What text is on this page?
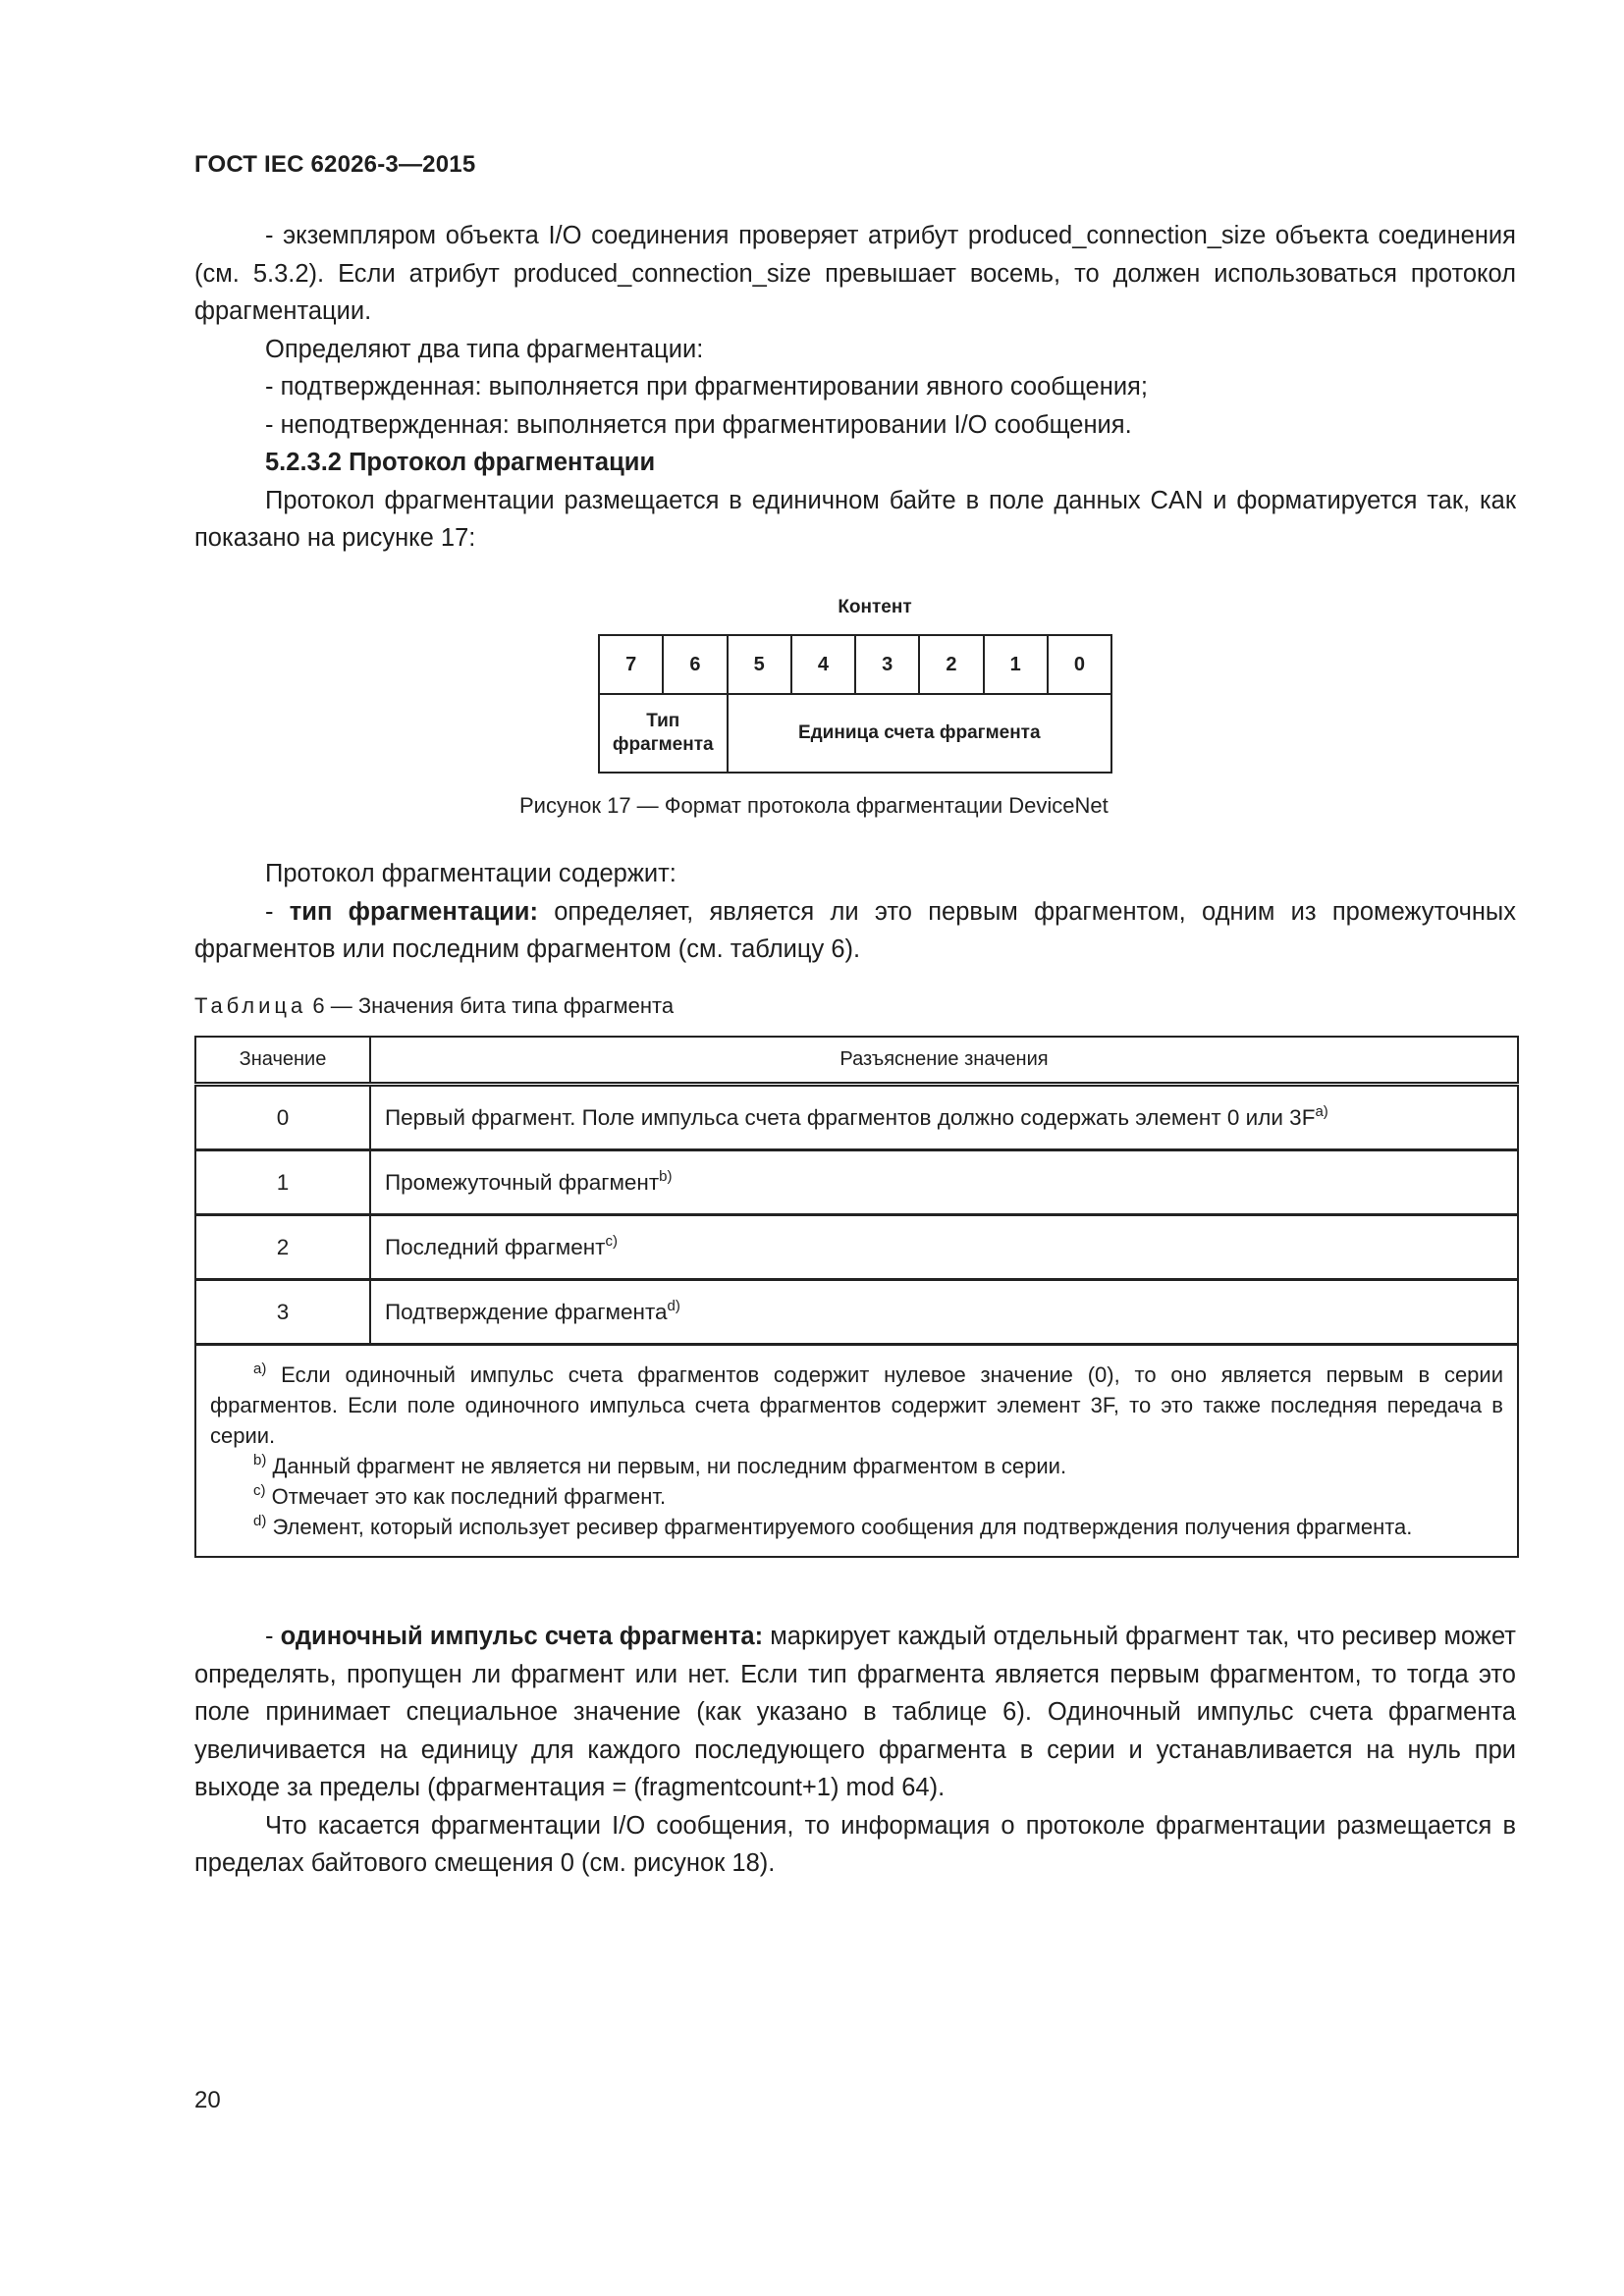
ГОСТ IEC 62026-3—2015

- экземпляром объекта I/O соединения проверяет атрибут produced_connection_size объекта соединения (см. 5.3.2). Если атрибут produced_connection_size превышает восемь, то должен использоваться протокол фрагментации.

Определяют два типа фрагментации:

- подтвержденная: выполняется при фрагментировании явного сообщения;

- неподтвержденная: выполняется при фрагментировании I/O сообщения.

5.2.3.2 Протокол фрагментации

Протокол фрагментации размещается в единичном байте в поле данных CAN и форматируется так, как показано на рисунке 17:

Контент
7	6	5	4	3	2	1	0
Тип
фрагмента		Единица счета фрагмента					
Рисунок 17 — Формат протокола фрагментации DeviceNet

Протокол фрагментации содержит:

- тип фрагментации: определяет, является ли это первым фрагментом, одним из промежуточных фрагментов или последним фрагментом (см. таблицу 6).

Таблица 6 — Значения бита типа фрагмента
Значение	Разъяснение значения
0	Первый фрагмент. Поле импульса счета фрагментов должно содержать элемент 0 или $3F^{a)}$
1	Промежуточный фрагмент$^{b)}$
2	Последний фрагмент$^{c)}$
3	Подтверждение фрагмента$^{d)}$

$^{a)}$ Если одиночный импульс счета фрагментов содержит нулевое значение (0), то оно является первым в серии фрагментов. Если поле одиночного импульса счета фрагментов содержит элемент 3F, то это также последняя передача в серии.

$^{b)}$ Данный фрагмент не является ни первым, ни последним фрагментом в серии.

$^{c)}$ Отмечает это как последний фрагмент.

$^{d)}$ Элемент, который использует ресивер фрагментируемого сообщения для подтверждения получения фрагмента.	

- одиночный импульс счета фрагмента: маркирует каждый отдельный фрагмент так, что ресивер может определять, пропущен ли фрагмент или нет. Если тип фрагмента является первым фрагментом, то тогда это поле принимает специальное значение (как указано в таблице 6). Одиночный импульс счета фрагмента увеличивается на единицу для каждого последующего фрагмента в серии и устанавливается на нуль при выходе за пределы (фрагментация = (fragmentcount+1) mod 64).

Что касается фрагментации I/O сообщения, то информация о протоколе фрагментации размещается в пределах байтового смещения 0 (см. рисунок 18).

20
